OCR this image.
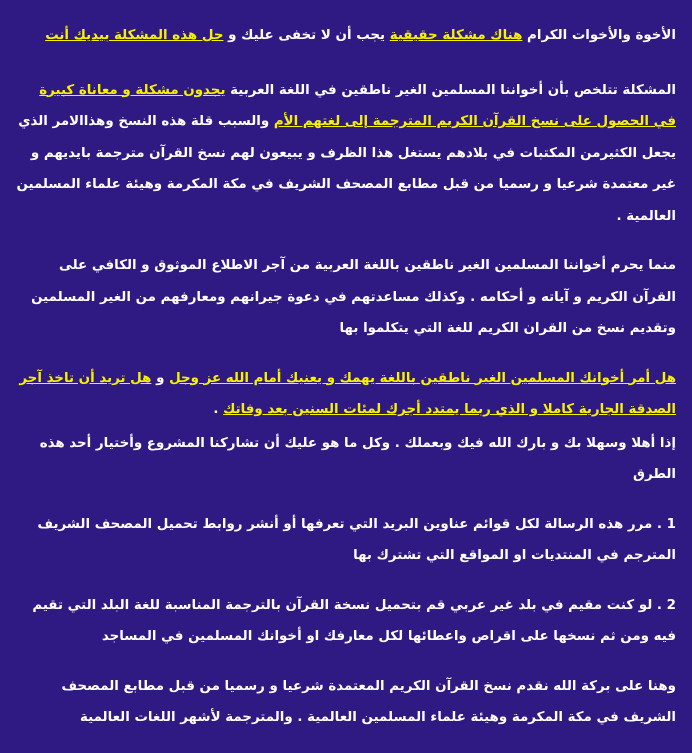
الأخوة والأخوات الكرام هناك مشكلة حقيقية يجب أن لا تخفى عليك و حل هذه المشكلة بيديك أنت

المشكلة تتلخص بأن أخواننا المسلمين الغير ناطقين في اللغة العربية يجدون مشكلة و معاناة كبيرة في الحصول على نسخ القرآن الكريم المترجمة إلى لغتهم الأم والسبب قلة هذه النسخ وهذاالامر الذي يجعل الكثيرمن المكتبات في بلادهم يستغل هذا الظرف و يبيعون لهم نسخ القرآن مترجمة بايديهم و غير معتمدة شرعيا و رسميا من قبل مطابع المصحف الشريف في مكة المكرمة وهيئة علماء المسلمين العالمية .

منما يحرم أخواننا المسلمين الغير ناطقين باللغة العربية من آجر الاطلاع الموثوق و الكافي على القرآن الكريم و آياته و أحكامه . وكذلك مساعدتهم في دعوة جيرانهم ومعارفهم من الغير المسلمين وتقديم نسخ من القران الكريم للغة التي يتكلموا بها

هل أمر أخوانك المسلمين الغير ناطقين باللغة يهمك و يعنيك أمام الله عز وجل و هل تريد أن تاخذ آجر الصدقة الجارية كاملا و الذي ربما يمتدد أجرك لمئات السنين بعد وفاتك .

إذا أهلا وسهلا بك و بارك الله فيك وبعملك . وكل ما هو عليك أن تشاركنا المشروع وأختيار أحد هذه الطرق

1 . مرر هذه الرسالة لكل قوائم عناوين البريد التي تعرفها أو أنشر روابط تحميل المصحف الشريف المترجم في المنتديات او المواقع التي تشترك بها

2 . لو كنت مقيم في بلد غير عربي قم بتحميل نسخة القرآن بالترجمة المناسبة للغة البلد التي تقيم فيه ومن ثم نسخها على اقراص واعطائها لكل معارفك او أخوانك المسلمين في المساجد

وهنا على بركة الله نقدم نسخ القرآن الكريم المعتمدة شرعيا و رسميا من قبل مطابع المصحف الشريف في مكة المكرمة وهيئة علماء المسلمين العالمية . والمترجمة لأشهر اللغات العالمية
